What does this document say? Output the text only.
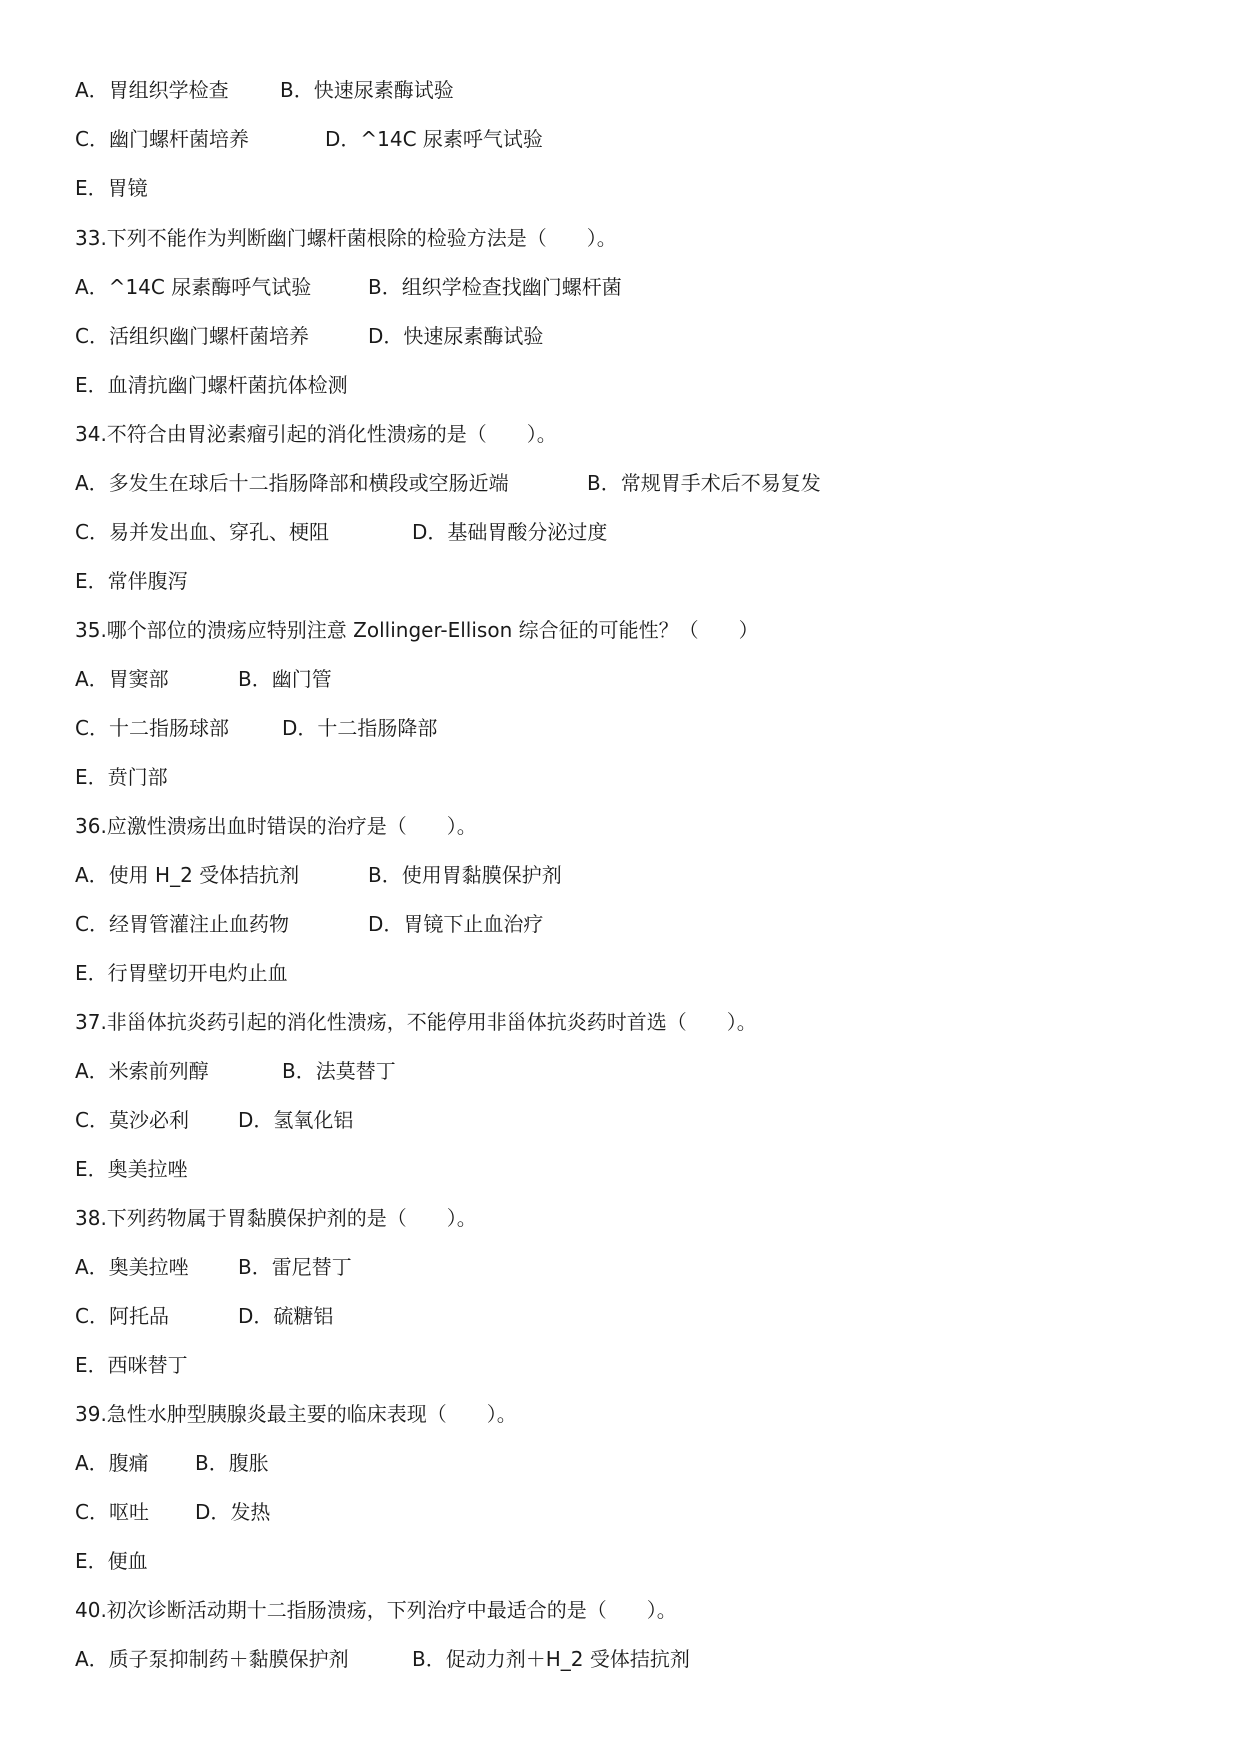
A．胃组织学检查	B．快速尿素酶试验
C．幽门螺杆菌培养	D．^14C 尿素呼气试验
E．胃镜
33.下列不能作为判断幽门螺杆菌根除的检验方法是（　　）。
A．^14C 尿素酶呼气试验	B．组织学检查找幽门螺杆菌
C．活组织幽门螺杆菌培养	D．快速尿素酶试验
E．血清抗幽门螺杆菌抗体检测
34.不符合由胃泌素瘤引起的消化性溃疡的是（　　）。
A．多发生在球后十二指肠降部和横段或空肠近端	B．常规胃手术后不易复发
C．易并发出血、穿孔、梗阻	D．基础胃酸分泌过度
E．常伴腹泻
35.哪个部位的溃疡应特别注意 Zollinger-Ellison 综合征的可能性？（　　）
A．胃窦部	B．幽门管
C．十二指肠球部	D．十二指肠降部
E．贲门部
36.应激性溃疡出血时错误的治疗是（　　）。
A．使用 H_2 受体拮抗剂	B．使用胃黏膜保护剂
C．经胃管灌注止血药物	D．胃镜下止血治疗
E．行胃壁切开电灼止血
37.非甾体抗炎药引起的消化性溃疡，不能停用非甾体抗炎药时首选（　　）。
A．米索前列醇	B．法莫替丁
C．莫沙必利 D．氢氧化铝
E．奥美拉唑
38.下列药物属于胃黏膜保护剂的是（　　）。
A．奥美拉唑 B．雷尼替丁
C．阿托品	D．硫糖铝
E．西咪替丁
39.急性水肿型胰腺炎最主要的临床表现（　　）。
A．腹痛 B．腹胀
C．呕吐 D．发热
E．便血
40.初次诊断活动期十二指肠溃疡，下列治疗中最适合的是（　　）。
A．质子泵抑制药＋黏膜保护剂	B．促动力剂＋H_2 受体拮抗剂
